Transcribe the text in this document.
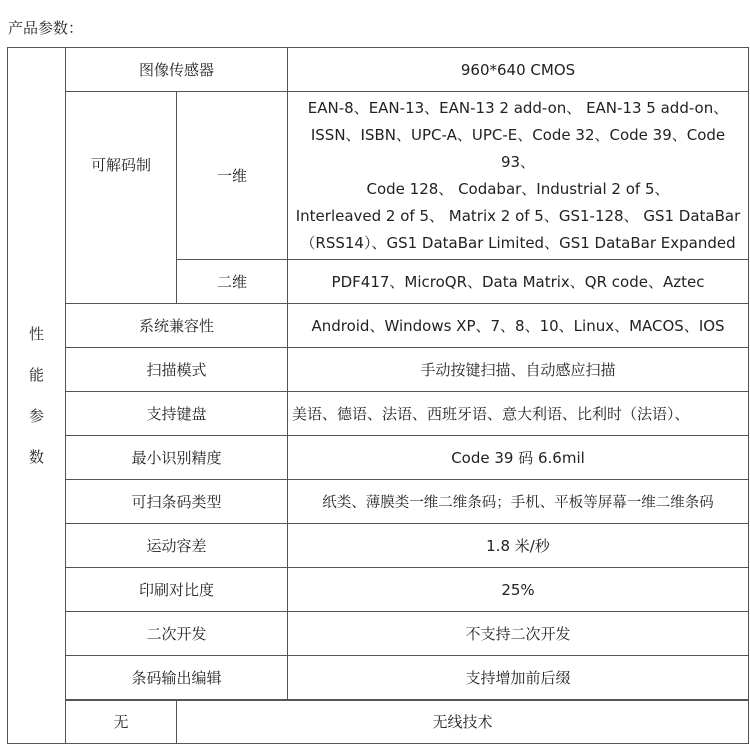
产品参数：
性
能
参
数	图像传感器		960*640 CMOS	
	可解码制	一维	EAN-8、EAN-13、EAN-13 2 add-on、 EAN-13 5 add-on、
ISSN、ISBN、UPC-A、UPC-E、Code 32、Code 39、Code 93、
Code 128、 Codabar、Industrial 2 of 5、
Interleaved 2 of 5、 Matrix 2 of 5、GS1-128、 GS1 DataBar
（RSS14）、GS1 DataBar Limited、GS1 DataBar Expanded	
		二维	PDF417、MicroQR、Data Matrix、QR code、Aztec	
	系统兼容性		Android、Windows XP、7、8、10、Linux、MACOS、IOS	
	扫描模式		手动按键扫描、自动感应扫描	
	支持键盘		美语、德语、法语、西班牙语、意大利语、比利时（法语）、	
	最小识别精度		Code 39 码 6.6mil	
	可扫条码类型		纸类、薄膜类一维二维条码；手机、平板等屏幕一维二维条码	
	运动容差		1.8 米/秒	
	印刷对比度		25%	
	二次开发		不支持二次开发	
	条码输出编辑		支持增加前后缀	
	无	无线技术	
